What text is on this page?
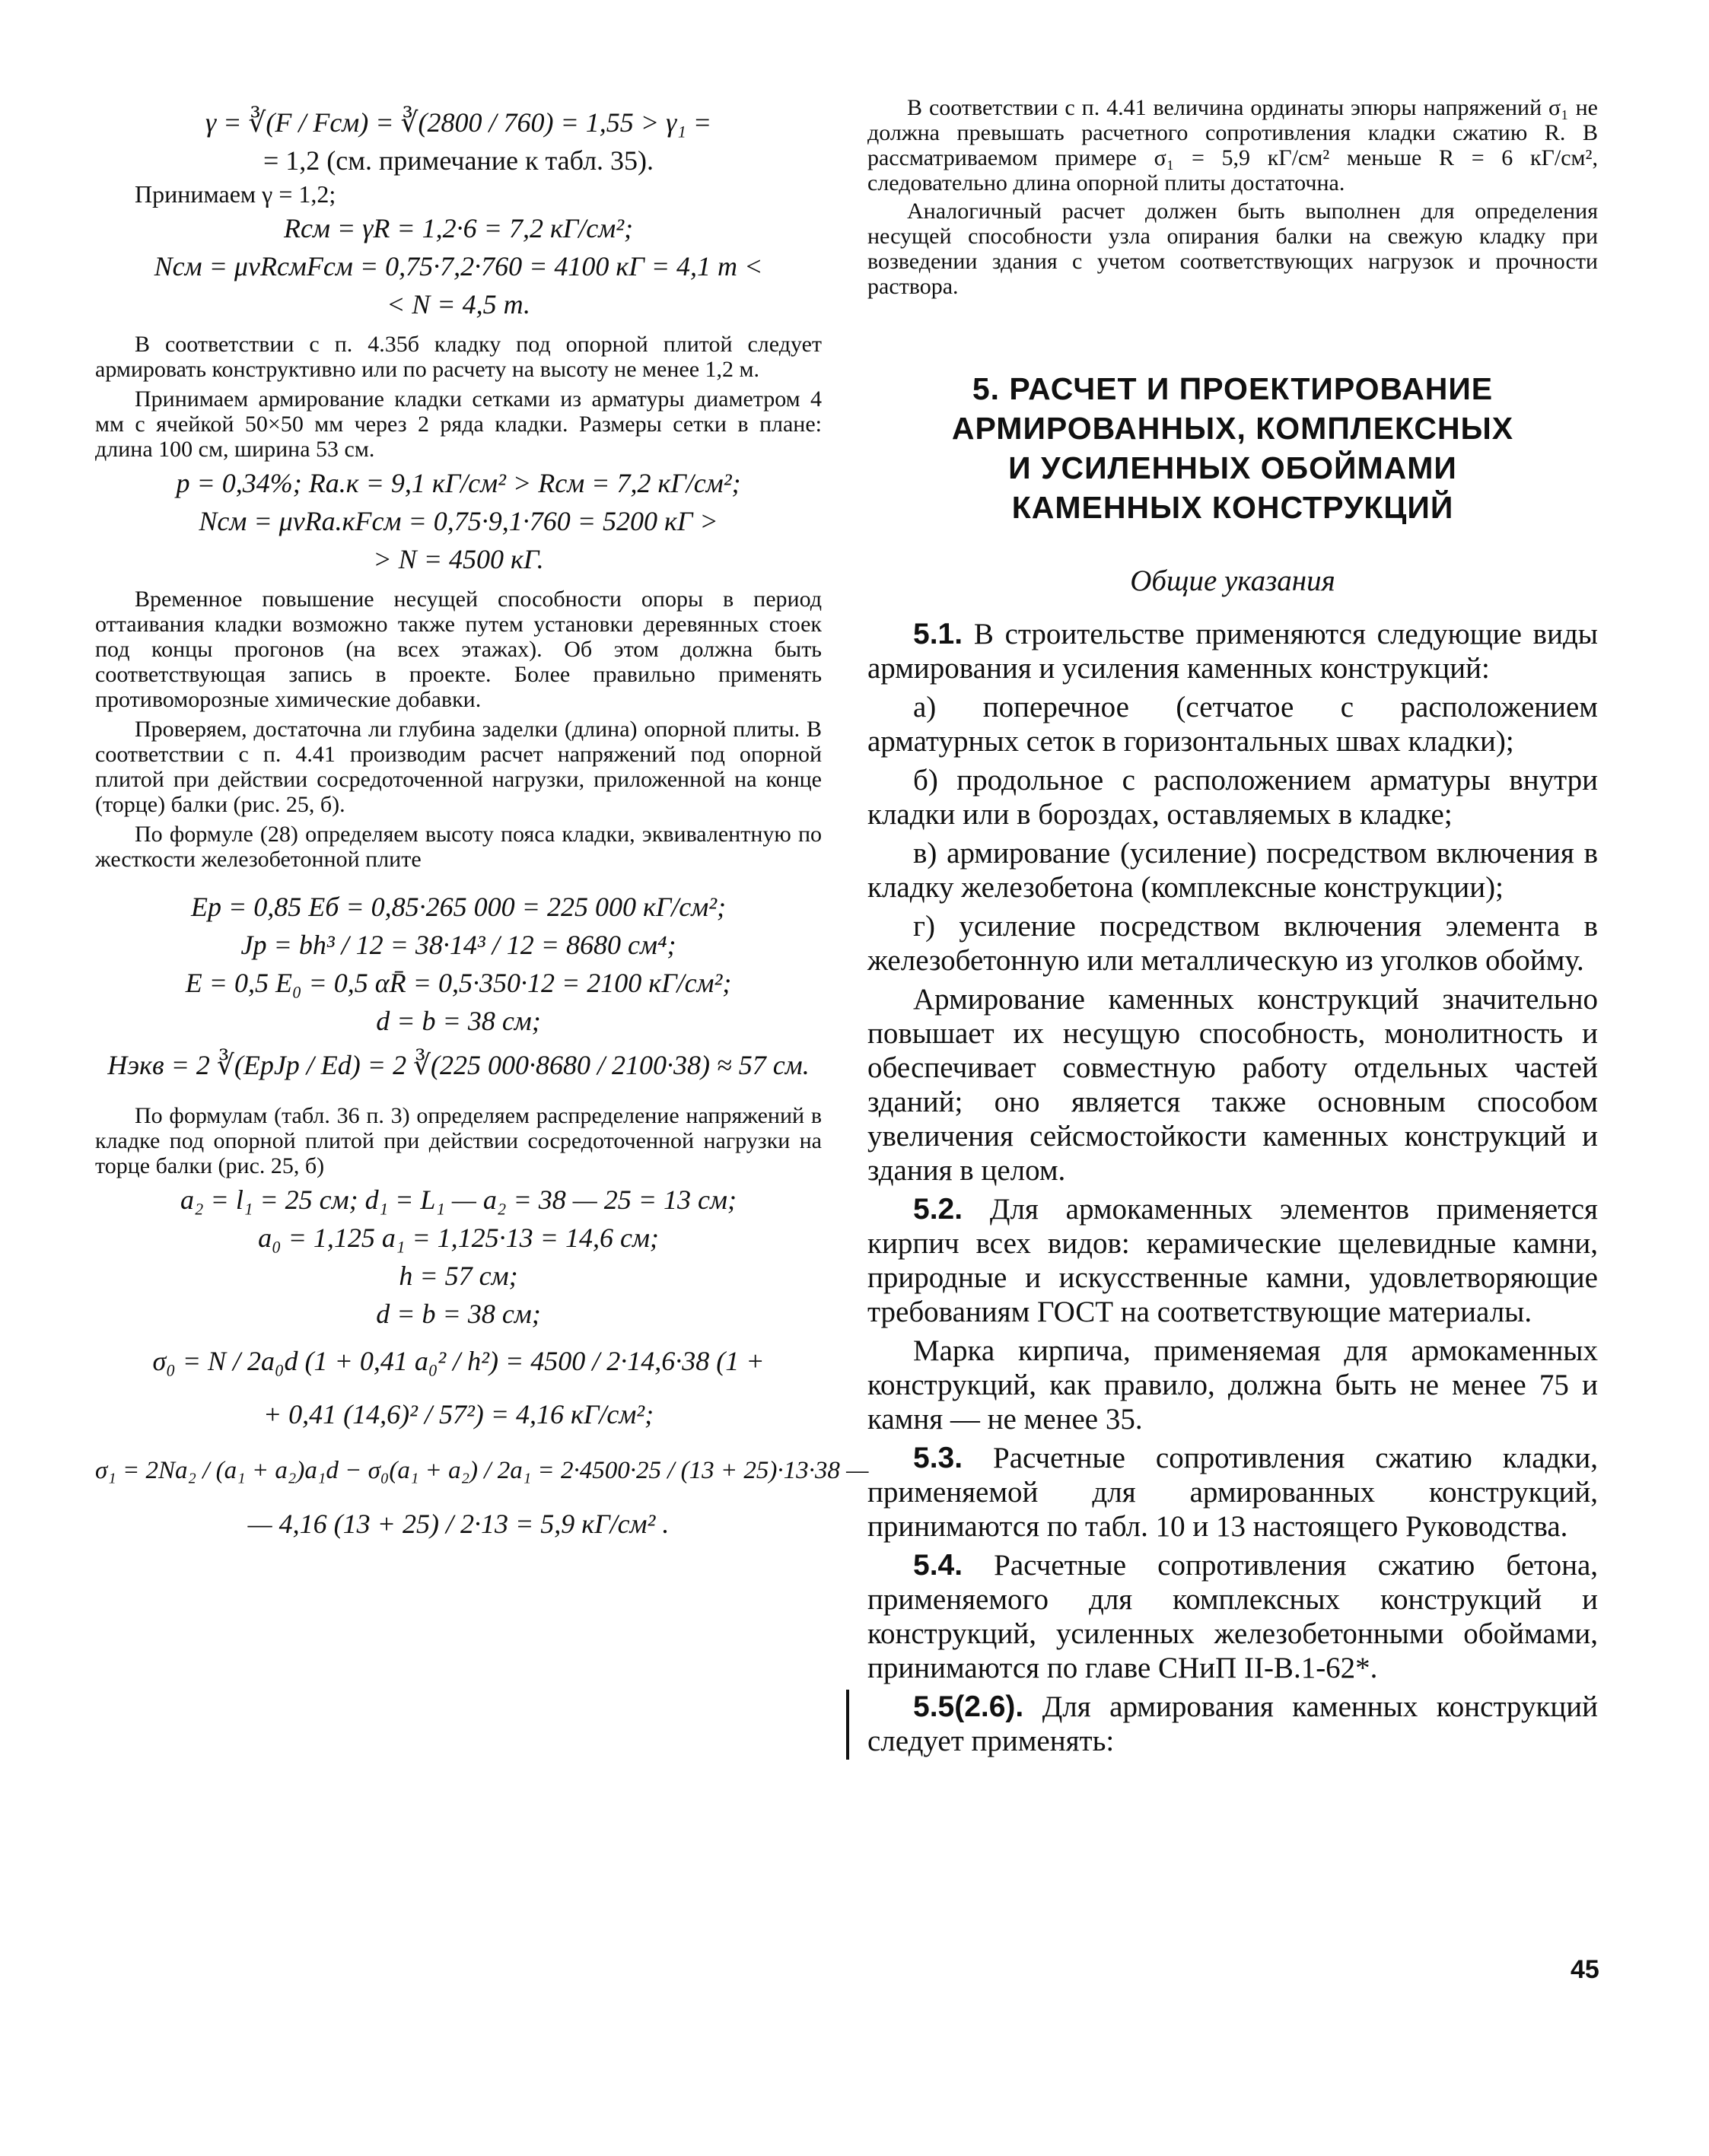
γ = ∛(F / Fсм) = ∛(2800 / 760) = 1,55 > γ₁ =
= 1,2 (см. примечание к табл. 35).
Принимаем γ = 1,2;
Rсм = γR = 1,2·6 = 7,2 кГ/см²;
Nсм = μνRсмFсм = 0,75·7,2·760 = 4100 кГ = 4,1 т <
< N = 4,5 т.
В соответствии с п. 4.35б кладку под опорной плитой следует армировать конструктивно или по расчету на высоту не менее 1,2 м.
Принимаем армирование кладки сетками из арматуры диаметром 4 мм с ячейкой 50×50 мм через 2 ряда кладки. Размеры сетки в плане: длина 100 см, ширина 53 см.
p = 0,34%; Rа.к = 9,1 кГ/см² > Rсм = 7,2 кГ/см²;
Nсм = μνRа.кFсм = 0,75·9,1·760 = 5200 кГ >
> N = 4500 кГ.
Временное повышение несущей способности опоры в период оттаивания кладки возможно также путем установки деревянных стоек под концы прогонов (на всех этажах). Об этом должна быть соответствующая запись в проекте. Более правильно применять противоморозные химические добавки.
Проверяем, достаточна ли глубина заделки (длина) опорной плиты. В соответствии с п. 4.41 производим расчет напряжений под опорной плитой при действии сосредоточенной нагрузки, приложенной на конце (торце) балки (рис. 25, б).
По формуле (28) определяем высоту пояса кладки, эквивалентную по жесткости железобетонной плите
Eр = 0,85 Eб = 0,85·265 000 = 225 000 кГ/см²;
Jр = bh³ / 12 = 38·14³ / 12 = 8680 см⁴;
E = 0,5 E₀ = 0,5 αR̄ = 0,5·350·12 = 2100 кГ/см²;
d = b = 38 см;
Hэкв = 2 ∛(EрJр / Ed) = 2 ∛(225 000·8680 / 2100·38) ≈ 57 см.
По формулам (табл. 36 п. 3) определяем распределение напряжений в кладке под опорной плитой при действии сосредоточенной нагрузки на торце балки (рис. 25, б)
a₂ = l₁ = 25 см; d₁ = L₁ — a₂ = 38 — 25 = 13 см;
a₀ = 1,125 a₁ = 1,125·13 = 14,6 см;
h = 57 см;
d = b = 38 см;
σ₀ = N / 2a₀d (1 + 0,41 a₀² / h²) = 4500 / 2·14,6·38 (1 +
+ 0,41 (14,6)² / 57²) = 4,16 кГ/см²;
σ₁ = 2Na₂ / (a₁ + a₂)a₁d − σ₀(a₁ + a₂) / 2a₁ = 2·4500·25 / (13 + 25)·13·38 —
— 4,16 (13 + 25) / 2·13 = 5,9 кГ/см² .
В соответствии с п. 4.41 величина ординаты эпюры напряжений σ₁ не должна превышать расчетного сопротивления кладки сжатию R. В рассматриваемом примере σ₁ = 5,9 кГ/см² меньше R = 6 кГ/см², следовательно длина опорной плиты достаточна.
Аналогичный расчет должен быть выполнен для определения несущей способности узла опирания балки на свежую кладку при возведении здания с учетом соответствующих нагрузок и прочности раствора.
5. РАСЧЕТ И ПРОЕКТИРОВАНИЕ
АРМИРОВАННЫХ, КОМПЛЕКСНЫХ
И УСИЛЕННЫХ ОБОЙМАМИ
КАМЕННЫХ КОНСТРУКЦИЙ
Общие указания
5.1. В строительстве применяются следующие виды армирования и усиления каменных конструкций:
а) поперечное (сетчатое с расположением арматурных сеток в горизонтальных швах кладки);
б) продольное с расположением арматуры внутри кладки или в бороздах, оставляемых в кладке;
в) армирование (усиление) посредством включения в кладку железобетона (комплексные конструкции);
г) усиление посредством включения элемента в железобетонную или металлическую из уголков обойму.
Армирование каменных конструкций значительно повышает их несущую способность, монолитность и обеспечивает совместную работу отдельных частей зданий; оно является также основным способом увеличения сейсмостойкости каменных конструкций и здания в целом.
5.2. Для армокаменных элементов применяется кирпич всех видов: керамические щелевидные камни, природные и искусственные камни, удовлетворяющие требованиям ГОСТ на соответствующие материалы.
Марка кирпича, применяемая для армокаменных конструкций, как правило, должна быть не менее 75 и камня — не менее 35.
5.3. Расчетные сопротивления сжатию кладки, применяемой для армированных конструкций, принимаются по табл. 10 и 13 настоящего Руководства.
5.4. Расчетные сопротивления сжатию бетона, применяемого для комплексных конструкций и конструкций, усиленных железобетонными обоймами, принимаются по главе СНиП II-В.1-62*.
5.5(2.6). Для армирования каменных конструкций следует применять:
45
